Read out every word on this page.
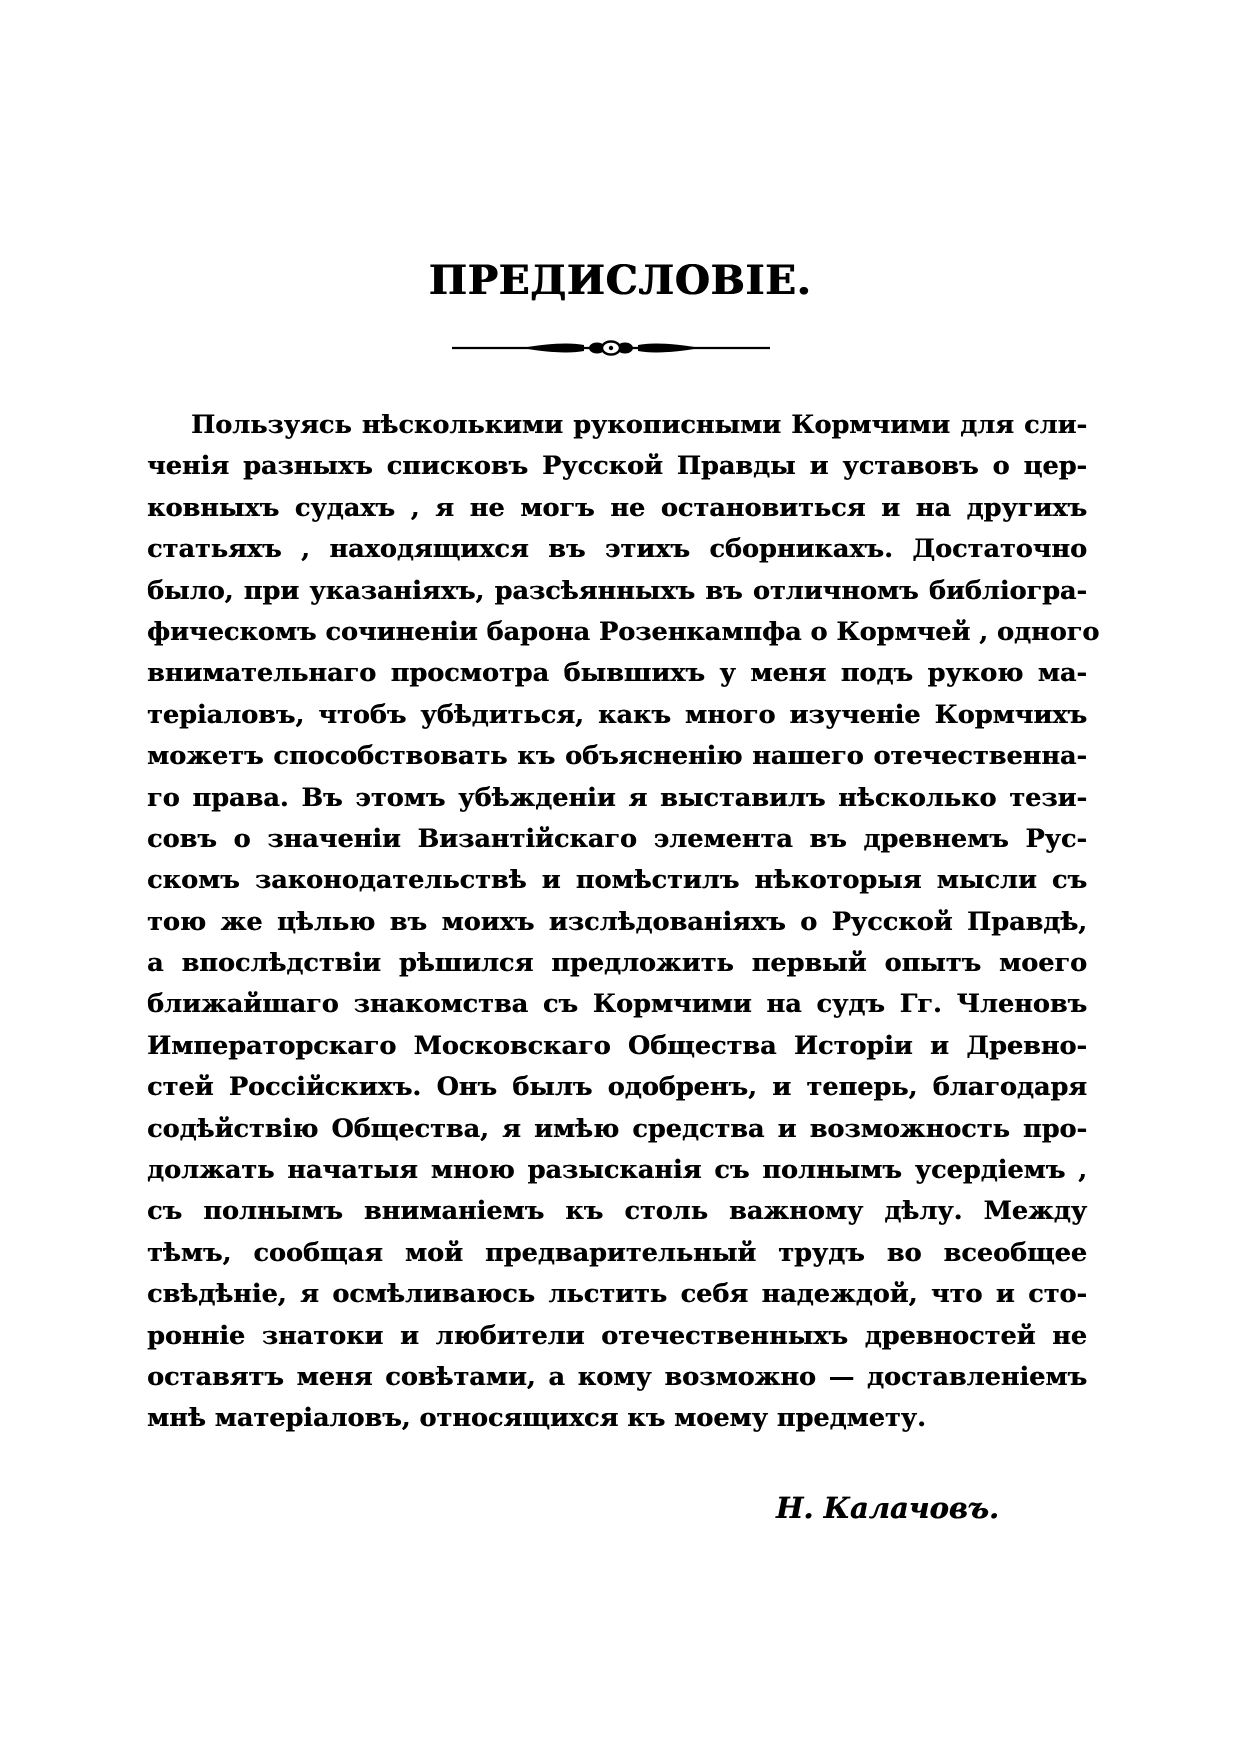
ПРЕДИСЛОВІЕ.
Пользуясь нѣсколькими рукописными Кормчими для сли-
ченія разныхъ списковъ Русской Правды и уставовъ о цер-
ковныхъ судахъ , я не могъ не остановиться и на другихъ
статьяхъ , находящихся въ этихъ сборникахъ. Достаточно
было, при указаніяхъ, разсѣянныхъ въ отличномъ библіогра-
фическомъ сочиненіи барона Розенкампфа о Кормчей , одного
внимательнаго просмотра бывшихъ у меня подъ рукою ма-
теріаловъ, чтобъ убѣдиться, какъ много изученіе Кормчихъ
можетъ способствовать къ объясненію нашего отечественна-
го права. Въ этомъ убѣжденіи я выставилъ нѣсколько тези-
совъ о значеніи Византійскаго элемента въ древнемъ Рус-
скомъ законодательствѣ и помѣстилъ нѣкоторыя мысли съ
тою же цѣлью въ моихъ изслѣдованіяхъ о Русской Правдѣ,
а впослѣдствіи рѣшился предложить первый опытъ моего
ближайшаго знакомства съ Кормчими на судъ Гг. Членовъ
Императорскаго Московскаго Общества Исторіи и Древно-
стей Россійскихъ. Онъ былъ одобренъ, и теперь, благодаря
содѣйствію Общества, я имѣю средства и возможность про-
должать начатыя мною разысканія съ полнымъ усердіемъ ,
съ полнымъ вниманіемъ къ столь важному дѣлу. Между
тѣмъ, сообщая мой предварительный трудъ во всеобщее
свѣдѣніе, я осмѣливаюсь льстить себя надеждой, что и сто-
ронніе знатоки и любители отечественныхъ древностей не
оставятъ меня совѣтами, а кому возможно — доставленіемъ
мнѣ матеріаловъ, относящихся къ моему предмету.
Н. Калачовъ.
